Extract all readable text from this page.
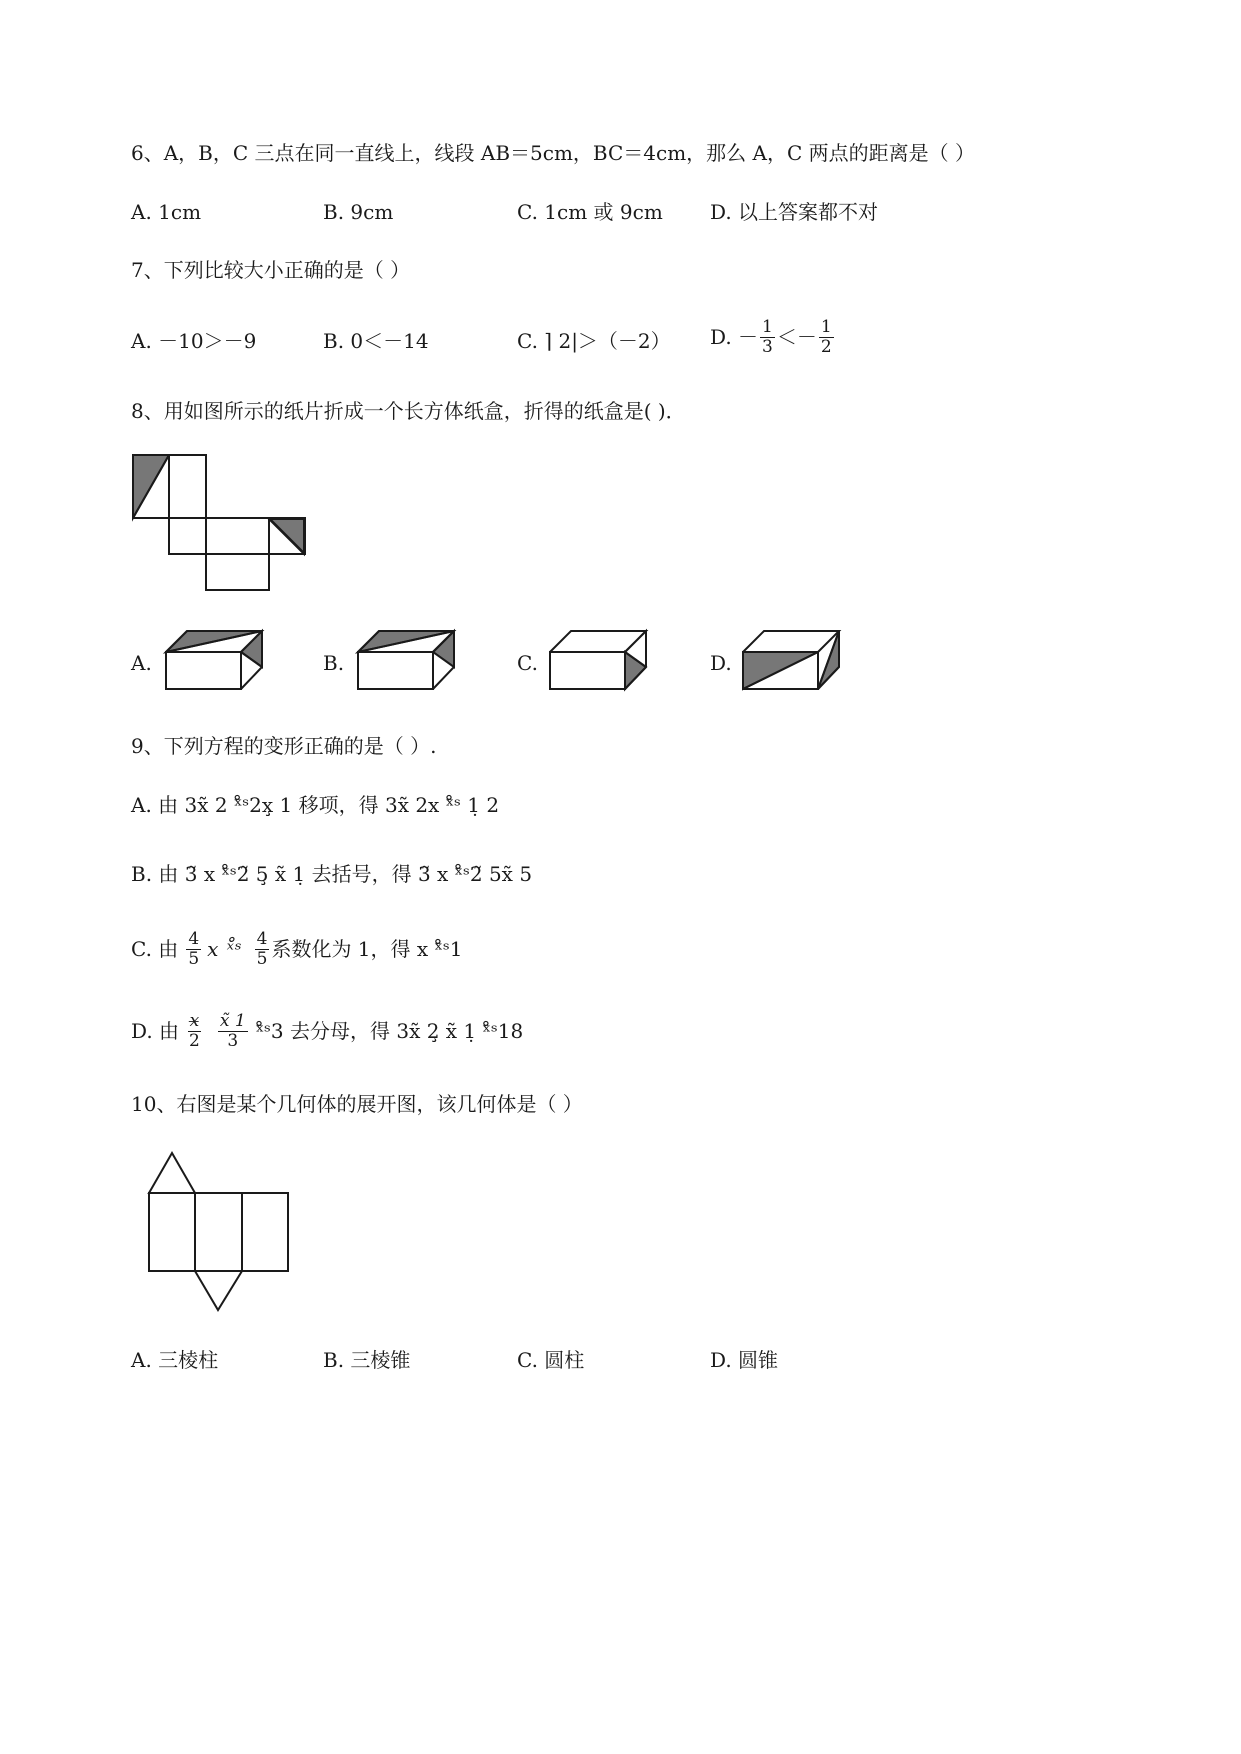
6、A，B，C 三点在同一直线上，线段 AB＝5cm，BC＝4cm，那么 A，C 两点的距离是（ ）
A. 1cm	B. 9cm	C. 1cm 或 9cm D. 以上答案都不对
7、下列比较大小正确的是（ ）
A. －10＞－9	B. 0＜－14	C. ⌉ 2|＞（－2） D. － $\frac{1}{3} <- \frac{1}{2}$
8、用如图所示的纸片折成一个长方体纸盒，折得的纸盒是( )．
A.	B.	C.	D.
9、下列方程的变形正确的是（ ）.
A. 由 3x̃ 2 ˣ̊ˢ2x̧ 1 移项，得 3x̃ 2x ˣ̊ˢ 1̣ 2
B. 由 3̃ x ˣ̊ˢ2̃ 5̧ x̃ 1̣ 去括号，得 3̃ x ˣ̊ˢ2̃ 5x̃ 5
C. 由 $\frac{4}{5}$ x ˣ̊ˢ $\frac{4}{5}$ 系数化为 1，得 x ˣ̊ˢ1
D. 由 $\frac{x̶}{2} \frac{x̃ 1}{3}$ ˣ̊ˢ3 去分母，得 3x̃ 2̧ x̃ 1̣ ˣ̊ˢ18
10、右图是某个几何体的展开图，该几何体是（ ）
A. 三棱柱	B. 三棱锥	C. 圆柱	D. 圆锥
